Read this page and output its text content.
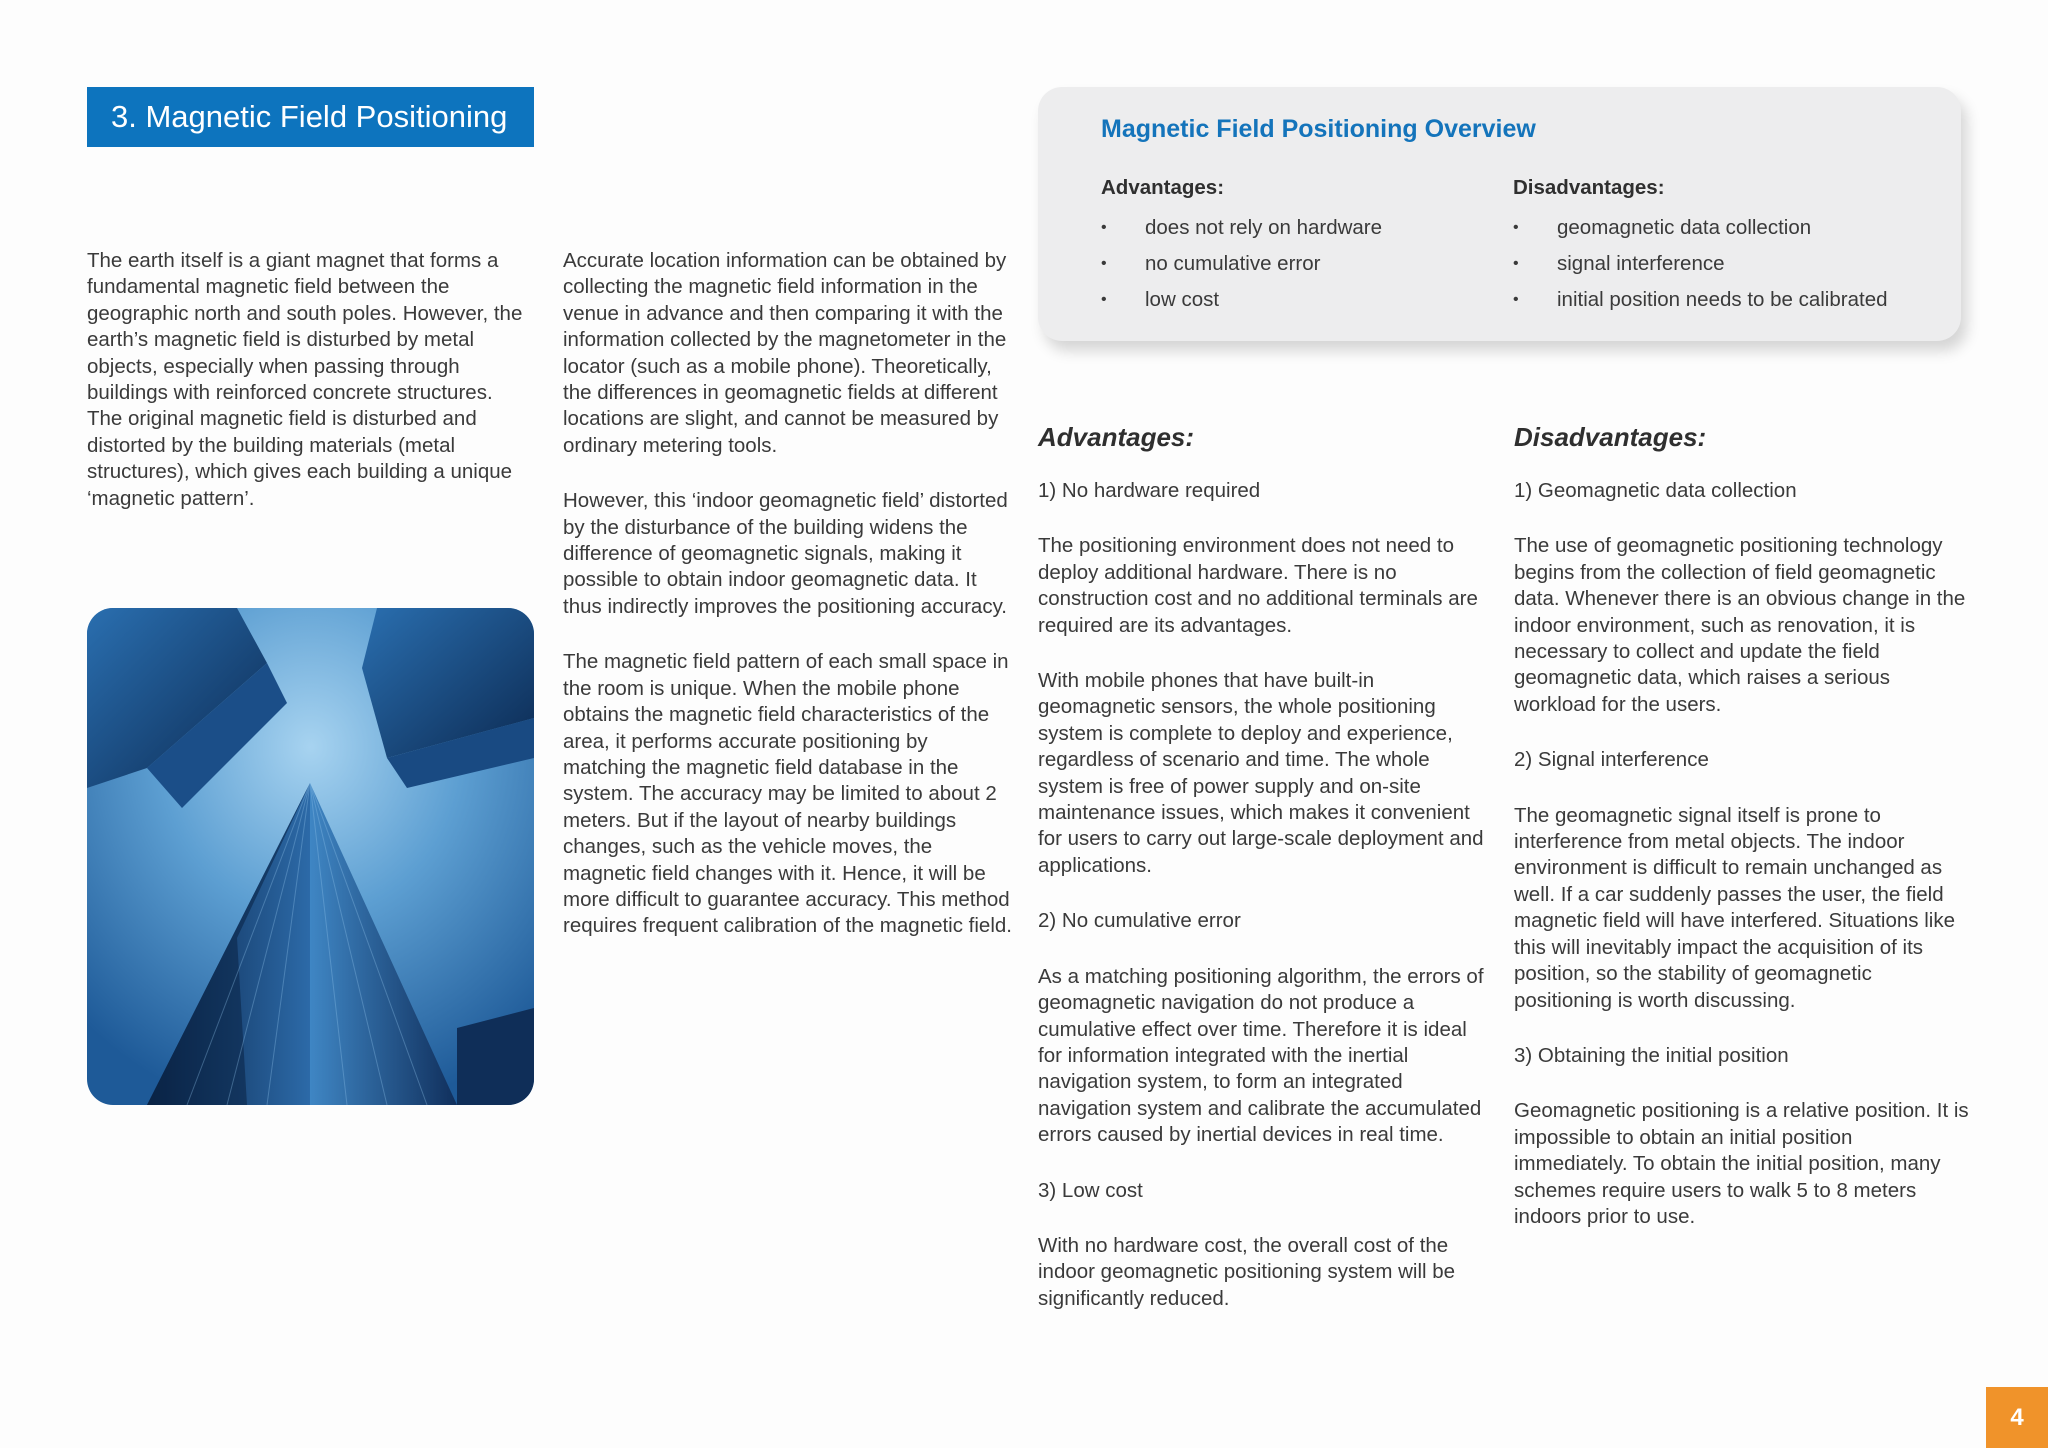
3. Magnetic Field Positioning

The earth itself is a giant magnet that forms a fundamental magnetic field between the geographic north and south poles. However, the earth’s magnetic field is disturbed by metal objects, especially when passing through buildings with reinforced concrete structures. The original magnetic field is disturbed and distorted by the building materials (metal structures), which gives each building a unique ‘magnetic pattern’.

Accurate location information can be obtained by collecting the magnetic field information in the venue in advance and then comparing it with the information collected by the magnetometer in the locator (such as a mobile phone). Theoretically, the differences in geomagnetic fields at different locations are slight, and cannot be measured by ordinary metering tools.

However, this ‘indoor geomagnetic field’ distorted by the disturbance of the building widens the difference of geomagnetic signals, making it possible to obtain indoor geomagnetic data. It thus indirectly improves the positioning accuracy.

The magnetic field pattern of each small space in the room is unique. When the mobile phone obtains the magnetic field characteristics of the area, it performs accurate positioning by matching the magnetic field database in the system. The accuracy may be limited to about 2 meters. But if the layout of nearby buildings changes, such as the vehicle moves, the magnetic field changes with it. Hence, it will be more difficult to guarantee accuracy. This method requires frequent calibration of the magnetic field.

Magnetic Field Positioning Overview
Advantages:
• does not rely on hardware
• no cumulative error
• low cost
Disadvantages:
• geomagnetic data collection
• signal interference
• initial position needs to be calibrated
Advantages:

1) No hardware required

The positioning environment does not need to deploy additional hardware. There is no construction cost and no additional terminals are required are its advantages.

With mobile phones that have built-in geomagnetic sensors, the whole positioning system is complete to deploy and experience, regardless of scenario and time. The whole system is free of power supply and on-site maintenance issues, which makes it convenient for users to carry out large-scale deployment and applications.

2) No cumulative error

As a matching positioning algorithm, the errors of geomagnetic navigation do not produce a cumulative effect over time. Therefore it is ideal for information integrated with the inertial navigation system, to form an integrated navigation system and calibrate the accumulated errors caused by inertial devices in real time.

3) Low cost

With no hardware cost, the overall cost of the indoor geomagnetic positioning system will be significantly reduced.

Disadvantages:

1) Geomagnetic data collection

The use of geomagnetic positioning technology begins from the collection of field geomagnetic data. Whenever there is an obvious change in the indoor environment, such as renovation, it is necessary to collect and update the field geomagnetic data, which raises a serious workload for the users.

2) Signal interference

The geomagnetic signal itself is prone to interference from metal objects. The indoor environment is difficult to remain unchanged as well. If a car suddenly passes the user, the field magnetic field will have interfered. Situations like this will inevitably impact the acquisition of its position, so the stability of geomagnetic positioning is worth discussing.

3) Obtaining the initial position

Geomagnetic positioning is a relative position. It is impossible to obtain an initial position immediately. To obtain the initial position, many schemes require users to walk 5 to 8 meters indoors prior to use.

4
